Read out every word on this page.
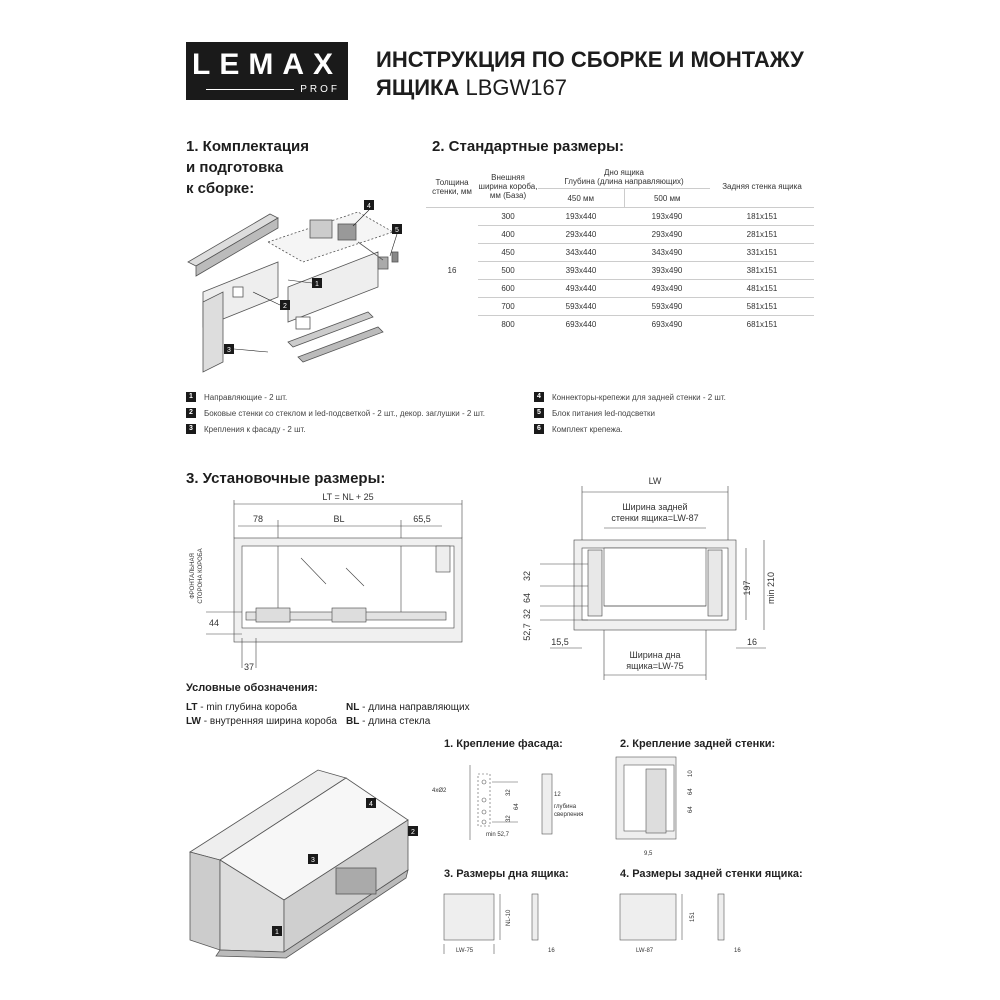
LEMAX
PROF
ИНСТРУКЦИЯ ПО СБОРКЕ И МОНТАЖУ
ЯЩИКА LBGW167
1. Комплектация
и подготовка
к сборке:
4
5
1
2
3
2. Стандартные размеры:
Толщина стенки, мм	Внешняя ширина короба, мм (База)	Дно ящика
Глубина (длина направляющих)		Задняя стенка ящика
		450 мм	500 мм	
16	300	193x440	193x490	181x151
	400	293x440	293x490	281x151
	450	343x440	343x490	331x151
	500	393x440	393x490	381x151
	600	493x440	493x490	481x151
	700	593x440	593x490	581x151
	800	693x440	693x490	681x151
1	Направляющие - 2 шт.
2	Боковые стенки со стеклом и led-подсветкой - 2 шт., декор. заглушки - 2 шт.
3	Крепления к фасаду - 2 шт.
4	Коннекторы-крепежи для задней стенки - 2 шт.
5	Блок питания led-подсветки
6	Комплект крепежа.
3. Установочные размеры:
LT = NL + 25
78	BL	65,5
44
37
ФРОНТАЛЬНАЯ СТОРОНА КОРОБА
LW
Ширина задней
стенки ящика=LW-87
32
64
32
52,7
197 min 210
15,5	16
Ширина дна
ящика=LW-75
Условные обозначения:
LT - min глубина короба
LW - внутренняя ширина короба
NL - длина направляющих
BL - длина стекла
3
4
2
1
1. Крепление фасада:	2. Крепление задней стенки:
3. Размеры дна ящика:	4. Размеры задней стенки ящика:
4xØ2	32
64
32
12
глубина
сверления
min 52,7
10
64
64
9,5
NL-10
LW-75	16
151
LW-87	16
